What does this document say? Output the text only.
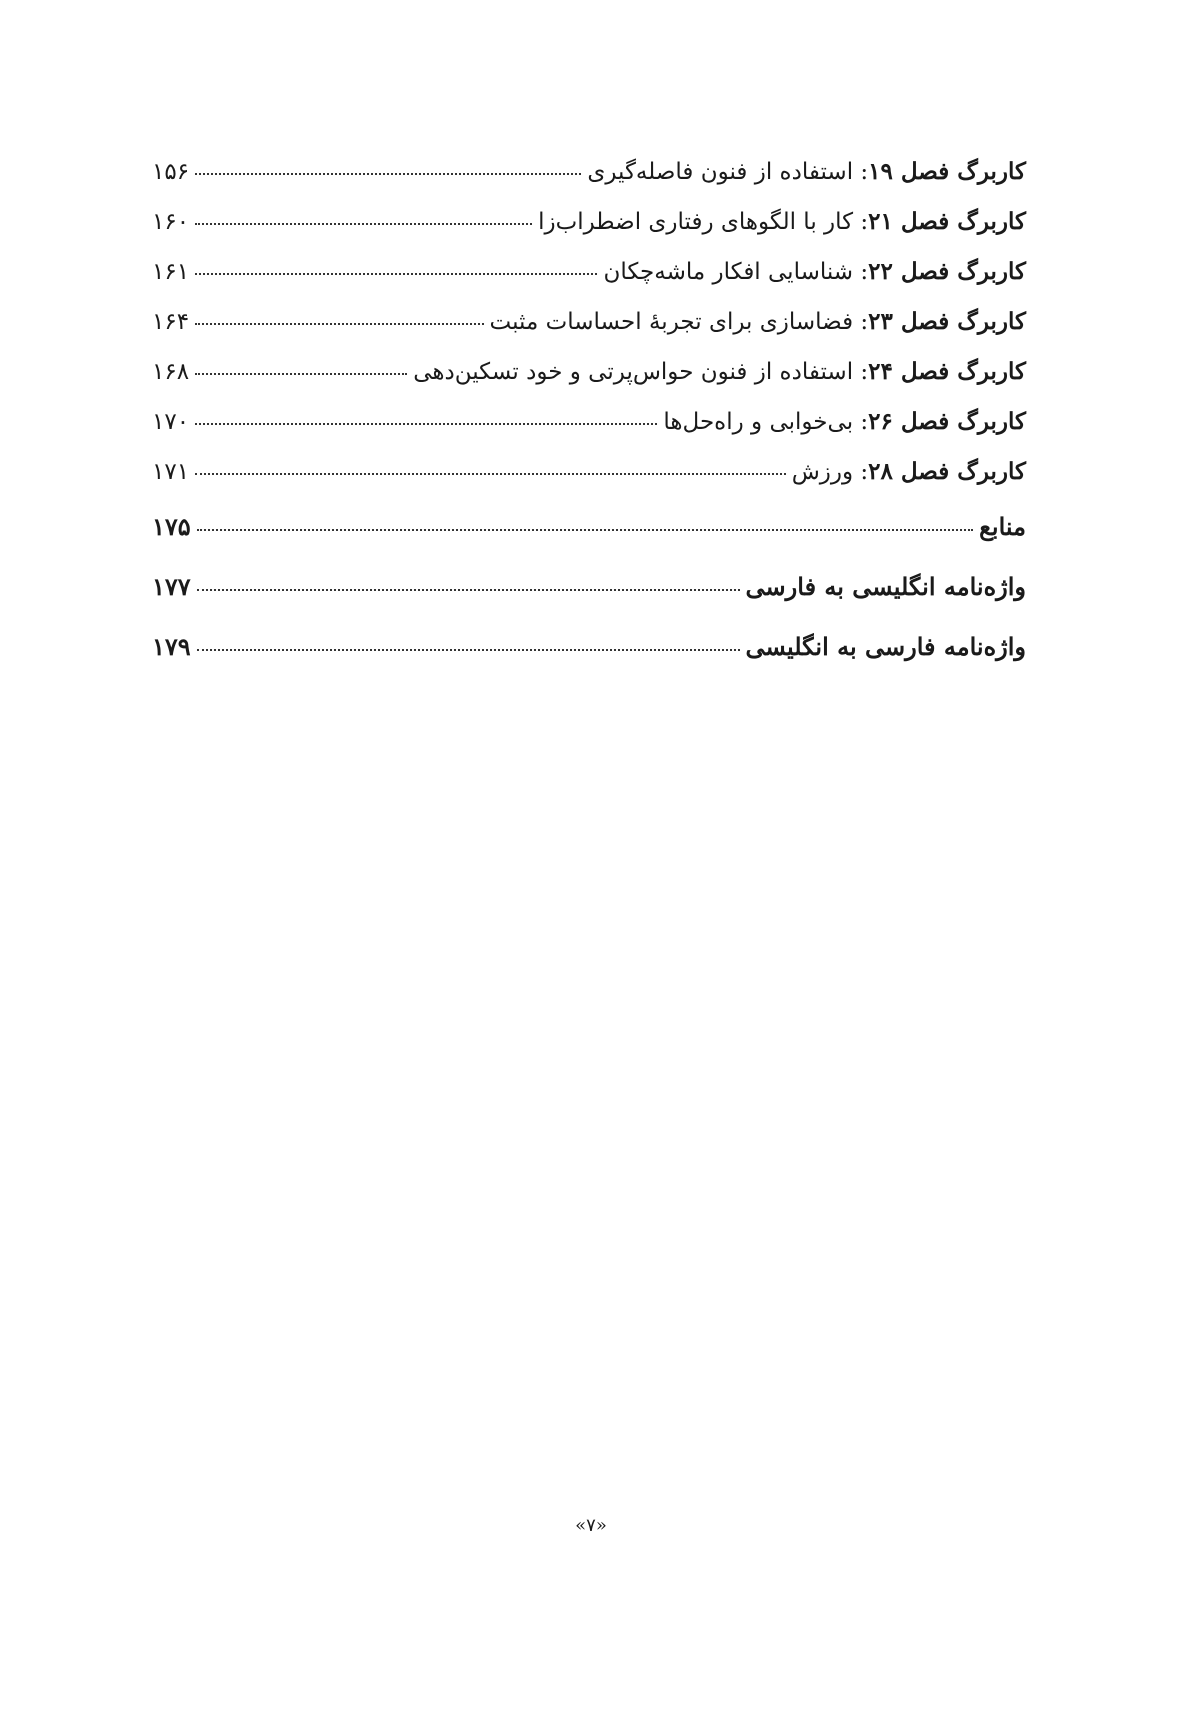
کاربرگ فصل ۱۹: استفاده از فنون فاصله‌گیری
۱۵۶
کاربرگ فصل ۲۱: کار با الگوهای رفتاری اضطراب‌زا
۱۶۰
کاربرگ فصل ۲۲: شناسایی افکار ماشه‌چکان
۱۶۱
کاربرگ فصل ۲۳: فضاسازی برای تجربهٔ احساسات مثبت
۱۶۴
کاربرگ فصل ۲۴: استفاده از فنون حواس‌پرتی و خود تسکین‌دهی
۱۶۸
کاربرگ فصل ۲۶: بی‌خوابی و راه‌حل‌ها
۱۷۰
کاربرگ فصل ۲۸: ورزش
۱۷۱
منابع
۱۷۵
واژه‌نامه انگلیسی به فارسی
۱۷۷
واژه‌نامه فارسی به انگلیسی
۱۷۹
«۷»
